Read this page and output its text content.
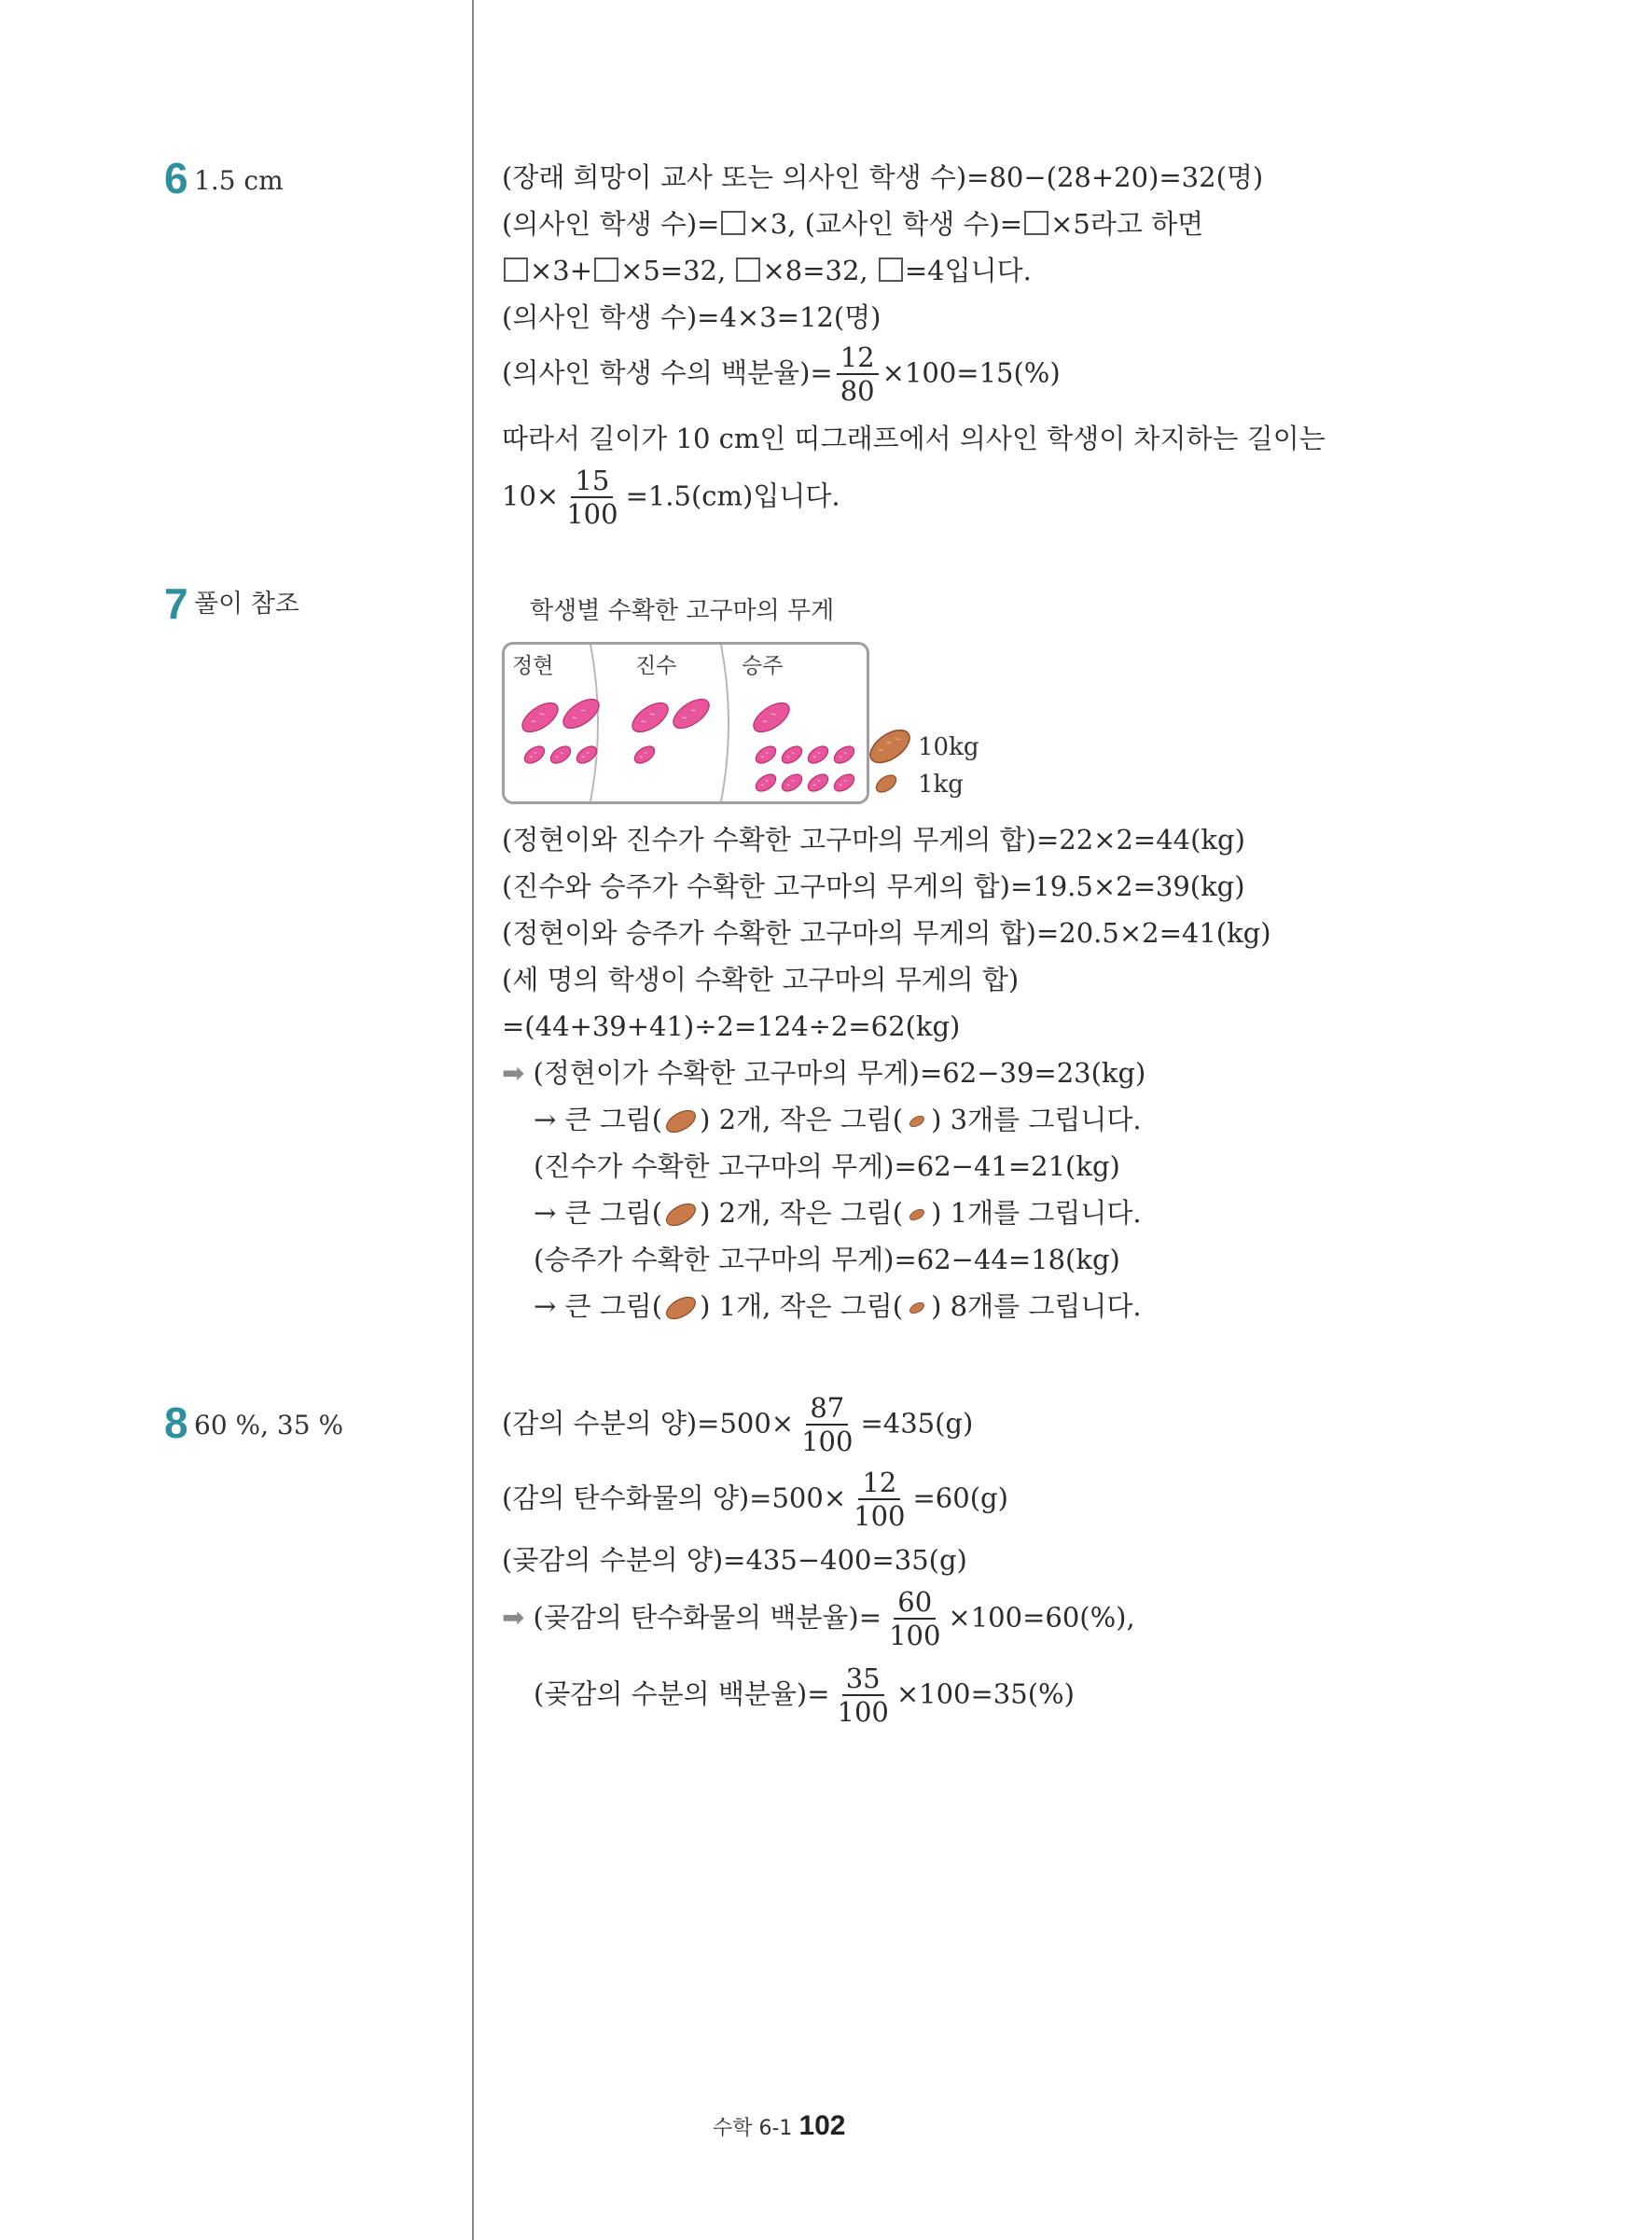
6 1.5 cm	(장래 희망이 교사 또는 의사인 학생 수)=80−(28+20)=32(명)
(의사인 학생 수)= ×3, (교사인 학생 수)= ×5라고 하면
×3+ ×5=32, ×8=32, =4입니다.
(의사인 학생 수)=4×3=12(명)
(의사인 학생 수의 백분율)= $\frac{12}{80} \times 100=15(\%)$
따라서 길이가 10 cm인 띠그래프에서 의사인 학생이 차지하는 길이는
$10\times \frac{15}{100} =1.5(cm)$입니다.
7 풀이 참조	학생별 수확한 고구마의 무게
정현	진수	승주
10kg
1kg
(정현이와 진수가 수확한 고구마의 무게의 합)=22×2=44(kg)
(진수와 승주가 수확한 고구마의 무게의 합)=19.5×2=39(kg)
(정현이와 승주가 수확한 고구마의 무게의 합)=20.5×2=41(kg)
(세 명의 학생이 수확한 고구마의 무게의 합)
=(44+39+41)÷2=124÷2=62(kg)
➡ (정현이가 수확한 고구마의 무게)=62−39=23(kg)
→ 큰 그림( ) 2개, 작은 그림( ) 3개를 그립니다.
(진수가 수확한 고구마의 무게)=62−41=21(kg)
→ 큰 그림( ) 2개, 작은 그림( ) 1개를 그립니다.
(승주가 수확한 고구마의 무게)=62−44=18(kg)
→ 큰 그림( ) 1개, 작은 그림( ) 8개를 그립니다.
8 60 %, 35 %	(감의 수분의 양)$=500\times \frac{87}{100} =435(g)$
(감의 탄수화물의 양)$=500\times \frac{12}{100} =60(g)$
(곶감의 수분의 양)=435−400=35(g)
➡ (곶감의 탄수화물의 백분율)= $\frac{60}{100} \times 100=60(\%)$,
(곶감의 수분의 백분율)= $\frac{35}{100} \times 100=35(\%)$
수학 6-1 102
